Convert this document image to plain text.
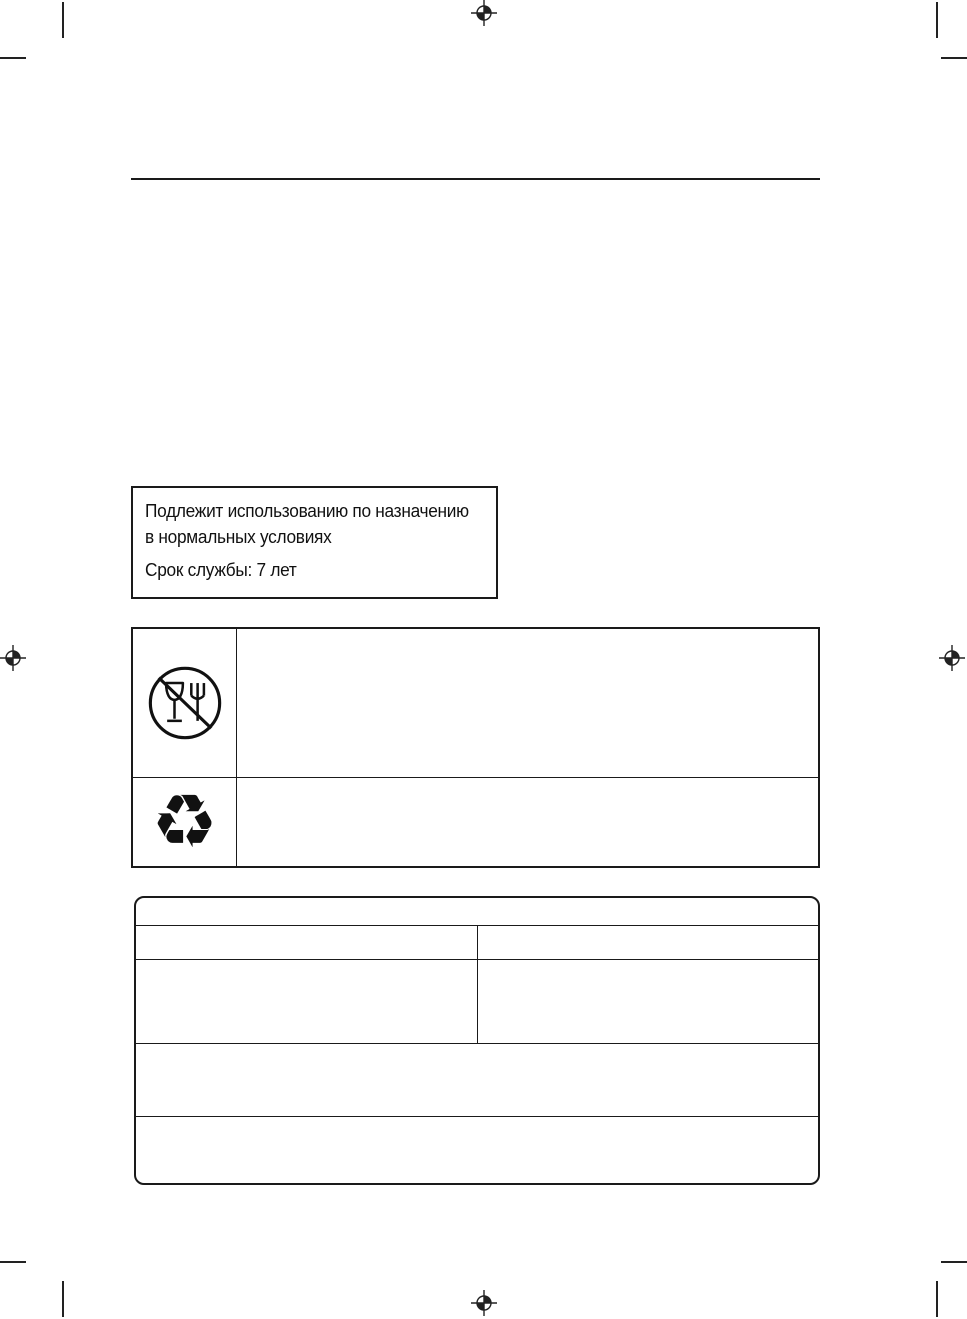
Подлежит использованию по назначению
в нормальных условиях
Срок службы: 7 лет
♻
